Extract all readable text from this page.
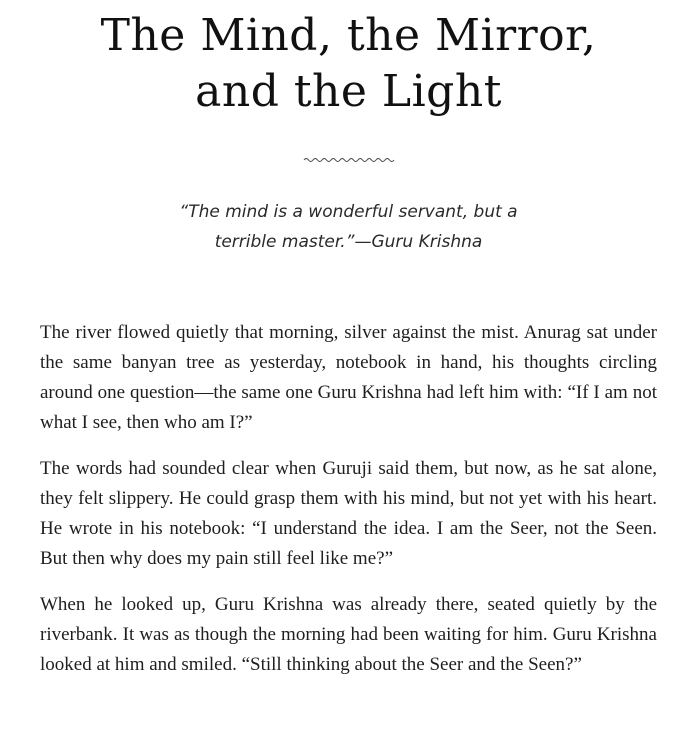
The Mind, the Mirror,
and the Light

“The mind is a wonderful servant, but a
terrible master.”—Guru Krishna

The river flowed quietly that morning, silver against the mist. Anurag sat under the same banyan tree as yesterday, notebook in hand, his thoughts circling around one question—the same one Guru Krishna had left him with: “If I am not what I see, then who am I?”

The words had sounded clear when Guruji said them, but now, as he sat alone, they felt slippery. He could grasp them with his mind, but not yet with his heart. He wrote in his notebook: “I understand the idea. I am the Seer, not the Seen. But then why does my pain still feel like me?”

When he looked up, Guru Krishna was already there, seated quietly by the riverbank. It was as though the morning had been waiting for him. Guru Krishna looked at him and smiled. “Still thinking about the Seer and the Seen?”
